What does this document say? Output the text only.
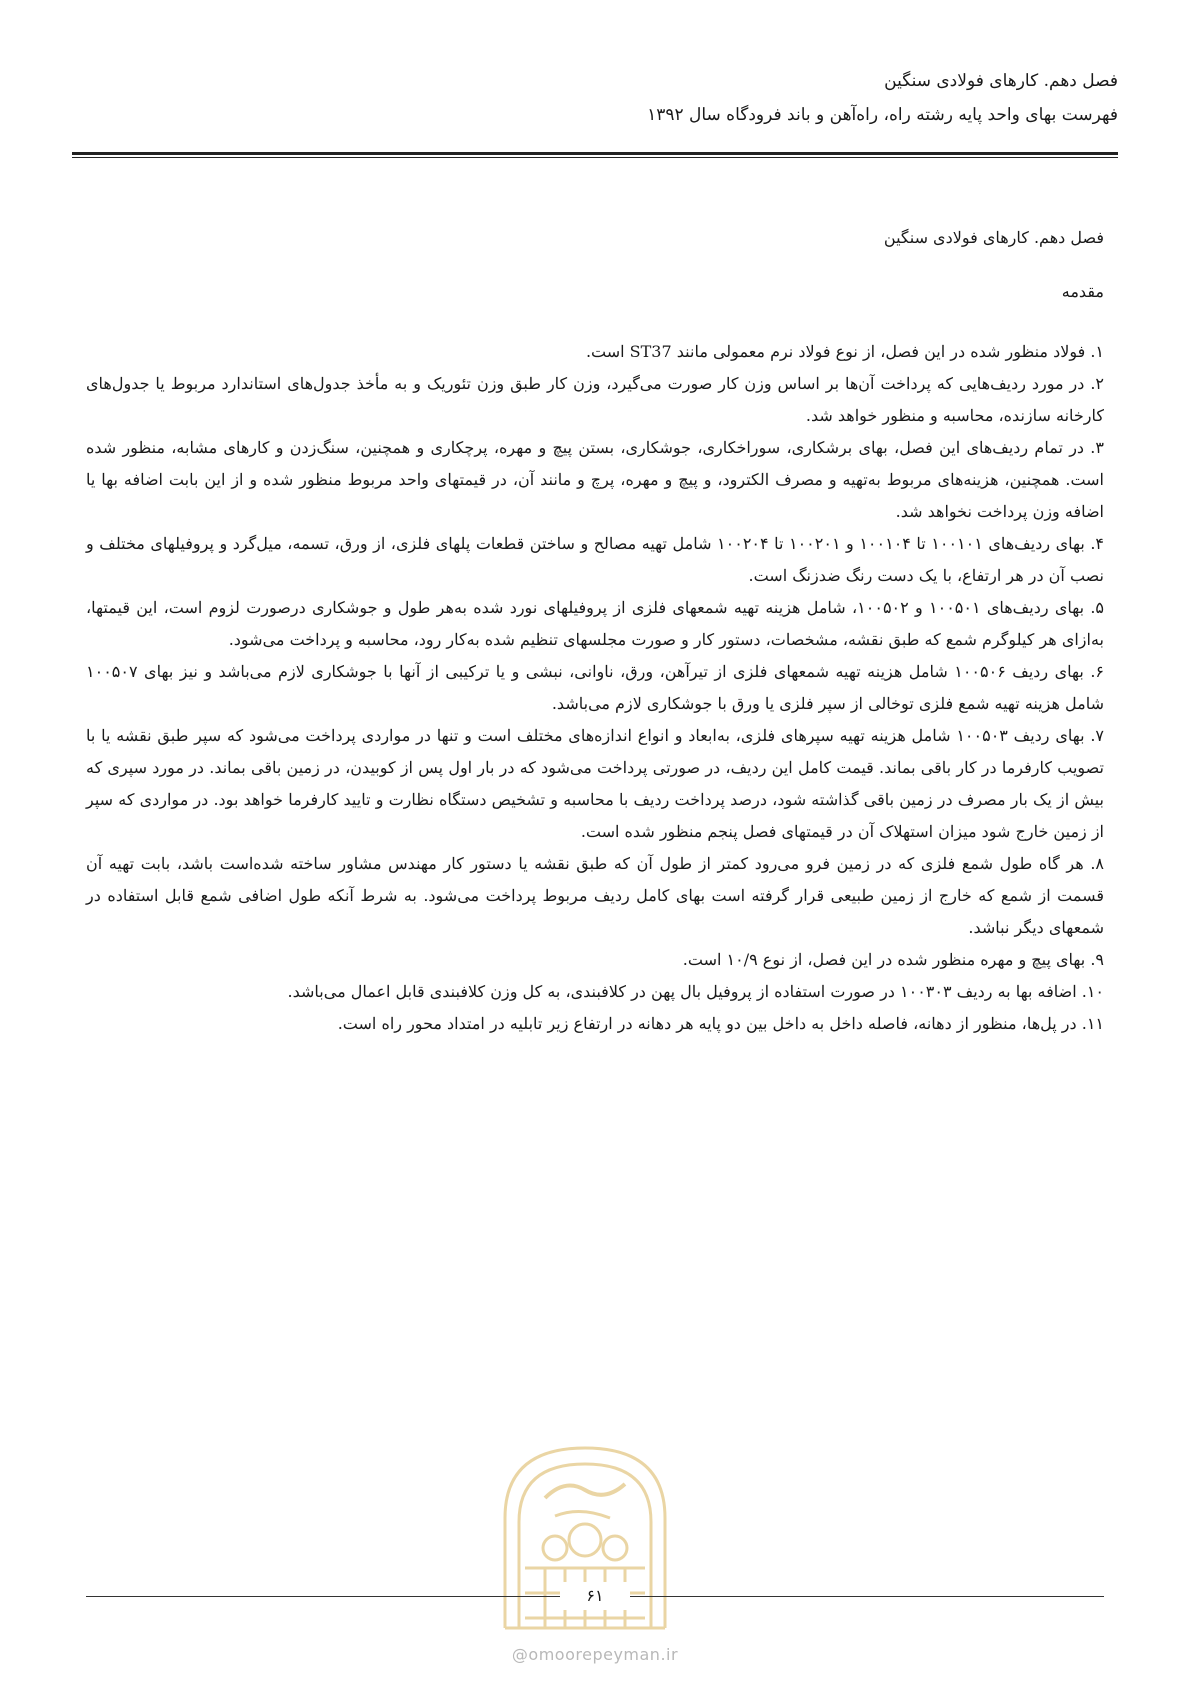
فصل دهم. کارهای فولادی سنگین
فهرست بهای واحد پایه رشته راه، راه‌آهن و باند فرودگاه سال ۱۳۹۲

فصل دهم. کارهای فولادی سنگین

مقدمه

۱. فولاد منظور شده در این فصل، از نوع فولاد نرم معمولی مانند ST37 است.

۲. در مورد ردیف‌هایی که پرداخت آن‌ها بر اساس وزن کار صورت می‌گیرد، وزن کار طبق وزن تئوریک و به مأخذ جدول‌های استاندارد مربوط یا جدول‌های کارخانه سازنده، محاسبه و منظور خواهد شد.

۳. در تمام ردیف‌های این فصل، بهای برشکاری، سوراخکاری، جوشکاری، بستن پیچ و مهره، پرچکاری و همچنین، سنگ‌زدن و کارهای مشابه، منظور شده است. همچنین، هزینه‌های مربوط به‌تهیه و مصرف الکترود، و پیچ و مهره، پرچ و مانند آن، در قیمتهای واحد مربوط منظور شده و از این بابت اضافه بها یا اضافه وزن پرداخت نخواهد شد.

۴. بهای ردیف‌های ۱۰۰۱۰۱ تا ۱۰۰۱۰۴ و ۱۰۰۲۰۱ تا ۱۰۰۲۰۴ شامل تهیه مصالح و ساختن قطعات پلهای فلزی، از ورق، تسمه، میل‌گرد و پروفیلهای مختلف و نصب آن در هر ارتفاع، با یک دست رنگ ضدزنگ است.

۵. بهای ردیف‌های ۱۰۰۵۰۱ و ۱۰۰۵۰۲، شامل هزینه تهیه شمعهای فلزی از پروفیلهای نورد شده به‌هر طول و جوشکاری درصورت لزوم است، این قیمتها، به‌ازای هر کیلوگرم شمع که طبق نقشه، مشخصات، دستور کار و صورت مجلسهای تنظیم شده به‌کار رود، محاسبه و پرداخت می‌شود.

۶. بهای ردیف ۱۰۰۵۰۶ شامل هزینه تهیه شمعهای فلزی از تیرآهن، ورق، ناوانی، نبشی و یا ترکیبی از آنها با جوشکاری لازم می‌باشد و نیز بهای ۱۰۰۵۰۷ شامل هزینه تهیه شمع فلزی توخالی از سپر فلزی یا ورق با جوشکاری لازم می‌باشد.

۷. بهای ردیف ۱۰۰۵۰۳ شامل هزینه تهیه سپرهای فلزی، به‌ابعاد و انواع اندازه‌های مختلف است و تنها در مواردی پرداخت می‌شود که سپر طبق نقشه یا با تصویب کارفرما در کار باقی بماند. قیمت کامل این ردیف، در صورتی پرداخت می‌شود که در بار اول پس از کوبیدن، در زمین باقی بماند. در مورد سپری که بیش از یک بار مصرف در زمین باقی گذاشته شود، درصد پرداخت ردیف با محاسبه و تشخیص دستگاه نظارت و تایید کارفرما خواهد بود. در مواردی که سپر از زمین خارج شود میزان استهلاک آن در قیمتهای فصل پنجم منظور شده است.

۸. هر گاه طول شمع فلزی که در زمین فرو می‌رود کمتر از طول آن که طبق نقشه یا دستور کار مهندس مشاور ساخته شده‌است باشد، بابت تهیه آن قسمت از شمع که خارج از زمین طبیعی قرار گرفته است بهای کامل ردیف مربوط پرداخت می‌شود. به شرط آنکه طول اضافی شمع قابل استفاده در شمعهای دیگر نباشد.

۹. بهای پیچ و مهره منظور شده در این فصل، از نوع ۱۰/۹ است.

۱۰. اضافه بها به ردیف ۱۰۰۳۰۳ در صورت استفاده از پروفیل بال پهن در کلافبندی، به کل وزن کلافبندی قابل اعمال می‌باشد.

۱۱. در پل‌ها، منظور از دهانه، فاصله داخل به داخل بین دو پایه هر دهانه در ارتفاع زیر تابلیه در امتداد محور راه است.

۶۱
@omoorepeyman.ir
